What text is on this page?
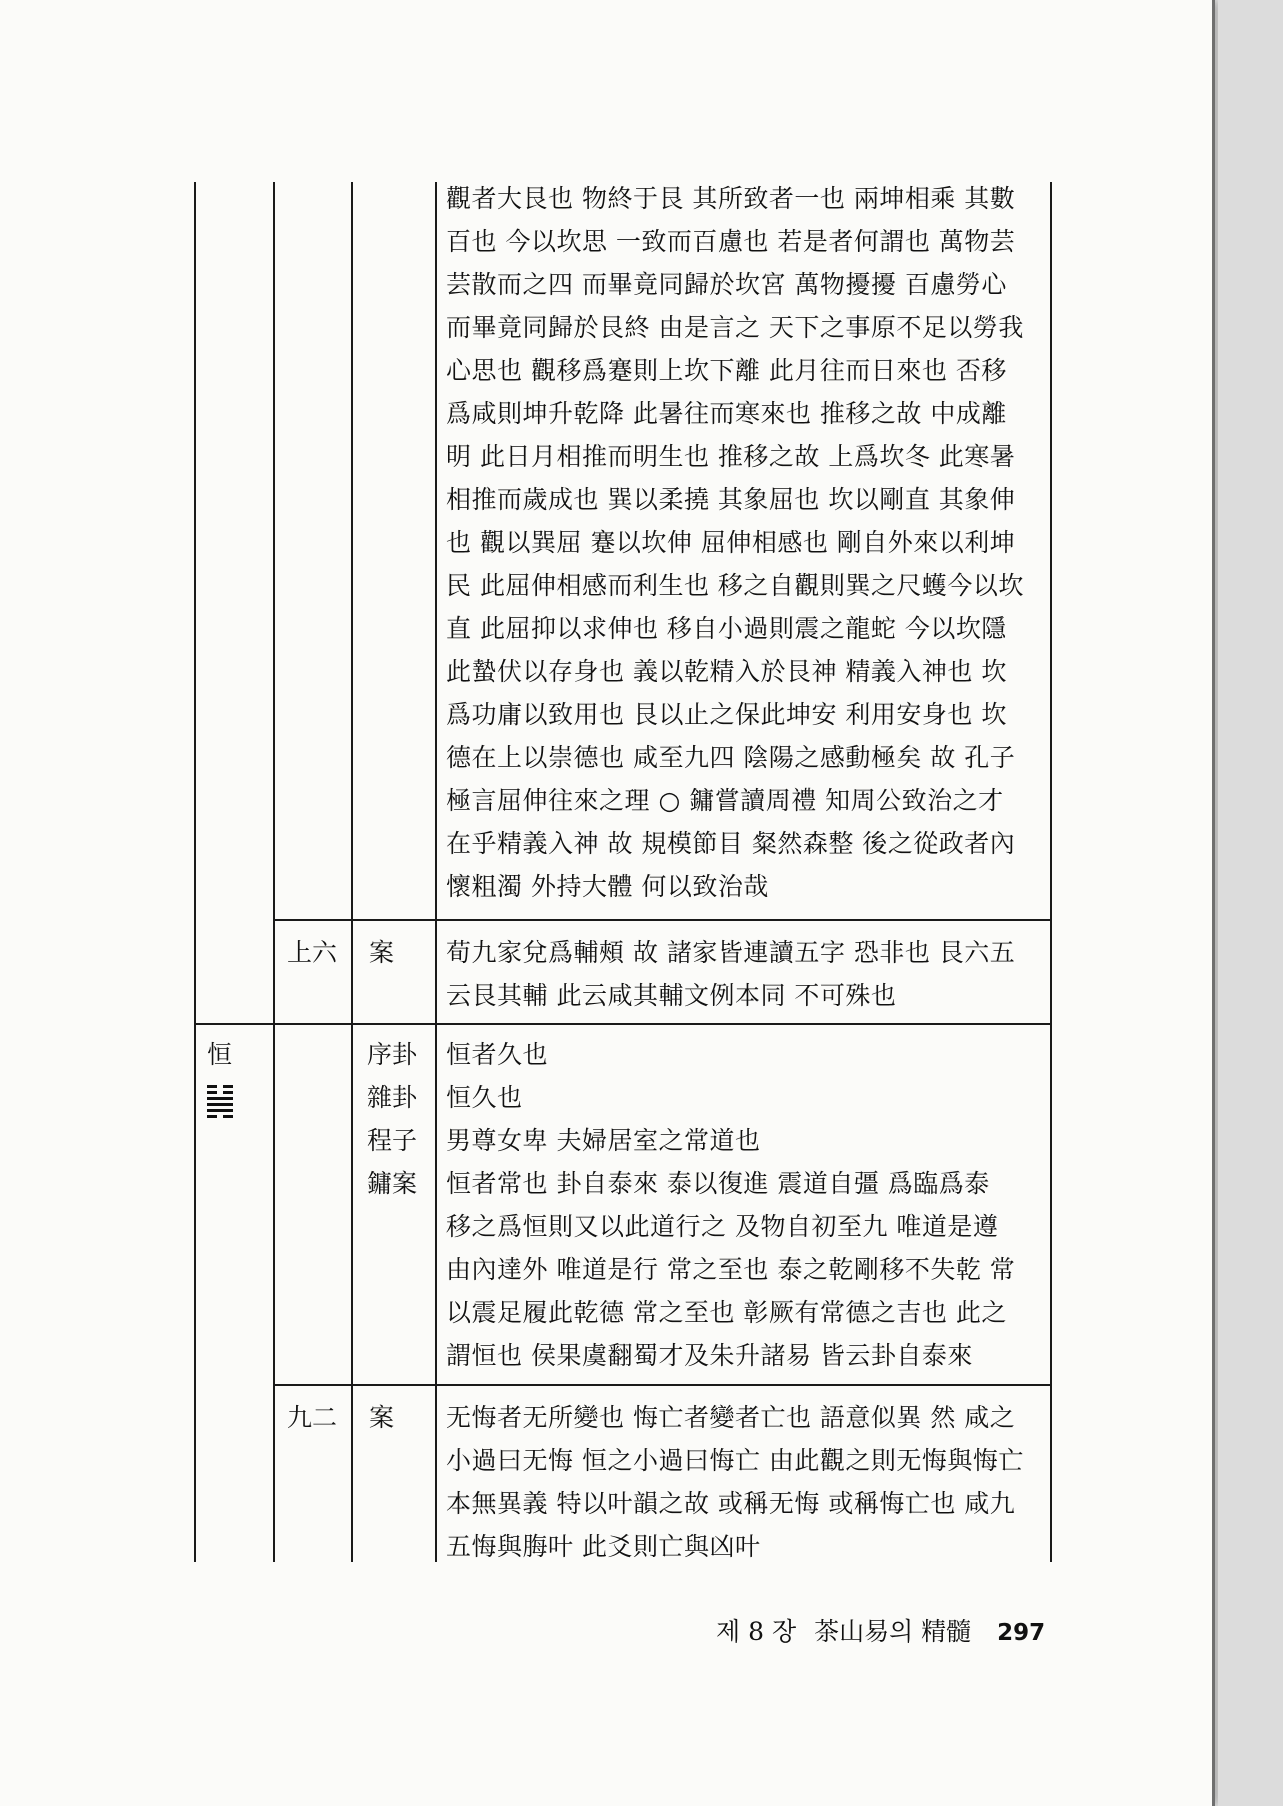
觀者大艮也 物終于艮 其所致者一也 兩坤相乘 其數
百也 今以坎思 一致而百慮也 若是者何謂也 萬物芸
芸散而之四 而畢竟同歸於坎宮 萬物擾擾 百慮勞心
而畢竟同歸於艮終 由是言之 天下之事原不足以勞我
心思也 觀移爲蹇則上坎下離 此月往而日來也 否移
爲咸則坤升乾降 此暑往而寒來也 推移之故 中成離
明 此日月相推而明生也 推移之故 上爲坎冬 此寒暑
相推而歲成也 巽以柔撓 其象屈也 坎以剛直 其象伸
也 觀以巽屈 蹇以坎伸 屈伸相感也 剛自外來以利坤
民 此屈伸相感而利生也 移之自觀則巽之尺蠖今以坎
直 此屈抑以求伸也 移自小過則震之龍蛇 今以坎隱
此蟄伏以存身也 義以乾精入於艮神 精義入神也 坎
爲功庸以致用也 艮以止之保此坤安 利用安身也 坎
德在上以崇德也 咸至九四 陰陽之感動極矣 故 孔子
極言屈伸往來之理 ○ 鏞嘗讀周禮 知周公致治之才
在乎精義入神 故 規模節目 粲然森整 後之從政者內
懷粗濁 外持大體 何以致治哉
上六 案 荀九家兌爲輔頰 故 諸家皆連讀五字 恐非也 艮六五
云艮其輔 此云咸其輔文例本同 不可殊也
恒	序卦
雜卦
程子
鏞案
恒者久也
恒久也
男尊女卑 夫婦居室之常道也
恒者常也 卦自泰來 泰以復進 震道自彊 爲臨爲泰
移之爲恒則又以此道行之 及物自初至九 唯道是遵
由內達外 唯道是行 常之至也 泰之乾剛移不失乾 常
以震足履此乾德 常之至也 彰厥有常德之吉也 此之
謂恒也 侯果虞翻蜀才及朱升諸易 皆云卦自泰來
九二 案 无悔者无所變也 悔亡者變者亡也 語意似異 然 咸之
小過曰无悔 恒之小過曰悔亡 由此觀之則无悔與悔亡
本無異義 特以叶韻之故 或稱无悔 或稱悔亡也 咸九
五悔與脢叶 此爻則亡與凶叶
제 8 장 茶山易의 精髓 297
